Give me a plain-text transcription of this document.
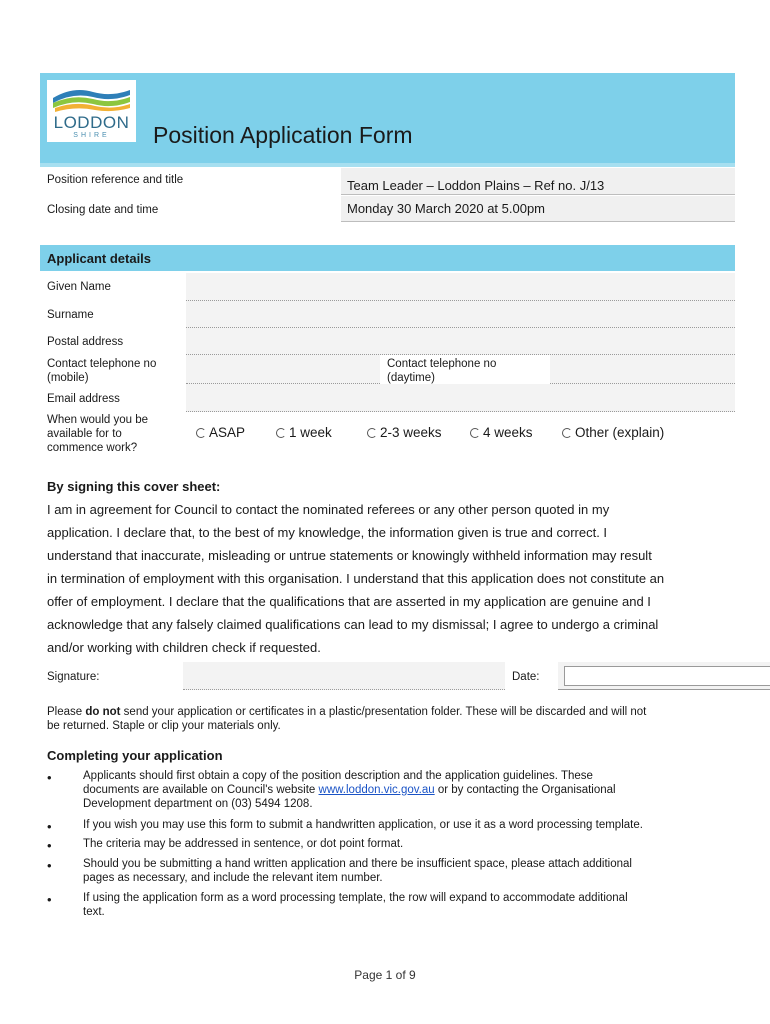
LODDON
SHIRE	Position Application Form
Position reference and title	Team Leader – Loddon Plains – Ref no. J/13
Closing date and time	Monday 30 March 2020 at 5.00pm
Applicant details
Given Name
Surname
Postal address
Contact telephone no
(mobile)
Contact telephone no
(daytime)
Email address
When would you be
available for to
commence work?
ASAP	1 week	2-3 weeks	4 weeks	Other (explain)
By signing this cover sheet:
I am in agreement for Council to contact the nominated referees or any other person quoted in my
application. I declare that, to the best of my knowledge, the information given is true and correct. I
understand that inaccurate, misleading or untrue statements or knowingly withheld information may result
in termination of employment with this organisation. I understand that this application does not constitute an
offer of employment. I declare that the qualifications that are asserted in my application are genuine and I
acknowledge that any falsely claimed qualifications can lead to my dismissal; I agree to undergo a criminal
and/or working with children check if requested.
Signature:	Date:
Please do not send your application or certificates in a plastic/presentation folder. These will be discarded and will not
be returned. Staple or clip your materials only.
Completing your application
•	Applicants should first obtain a copy of the position description and the application guidelines. These
documents are available on Council's website www.loddon.vic.gov.au or by contacting the Organisational
Development department on (03) 5494 1208.
•	If you wish you may use this form to submit a handwritten application, or use it as a word processing template.
•	The criteria may be addressed in sentence, or dot point format.
•	Should you be submitting a hand written application and there be insufficient space, please attach additional
pages as necessary, and include the relevant item number.
•	If using the application form as a word processing template, the row will expand to accommodate additional
text.
Page 1 of 9
